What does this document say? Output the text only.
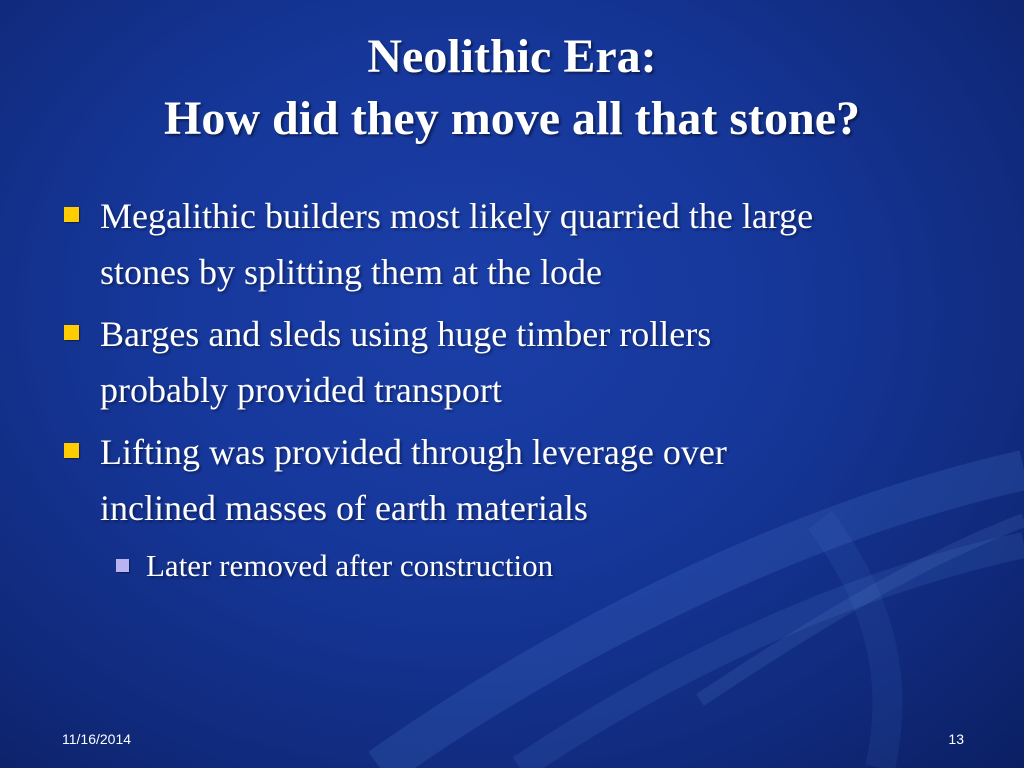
Neolithic Era:
How did they move all that stone?
Megalithic builders most likely quarried the large
stones by splitting them at the lode
Barges and sleds using huge timber rollers
probably provided transport
Lifting was provided through leverage over
inclined masses of earth materials
Later removed after construction
11/16/2014	13
